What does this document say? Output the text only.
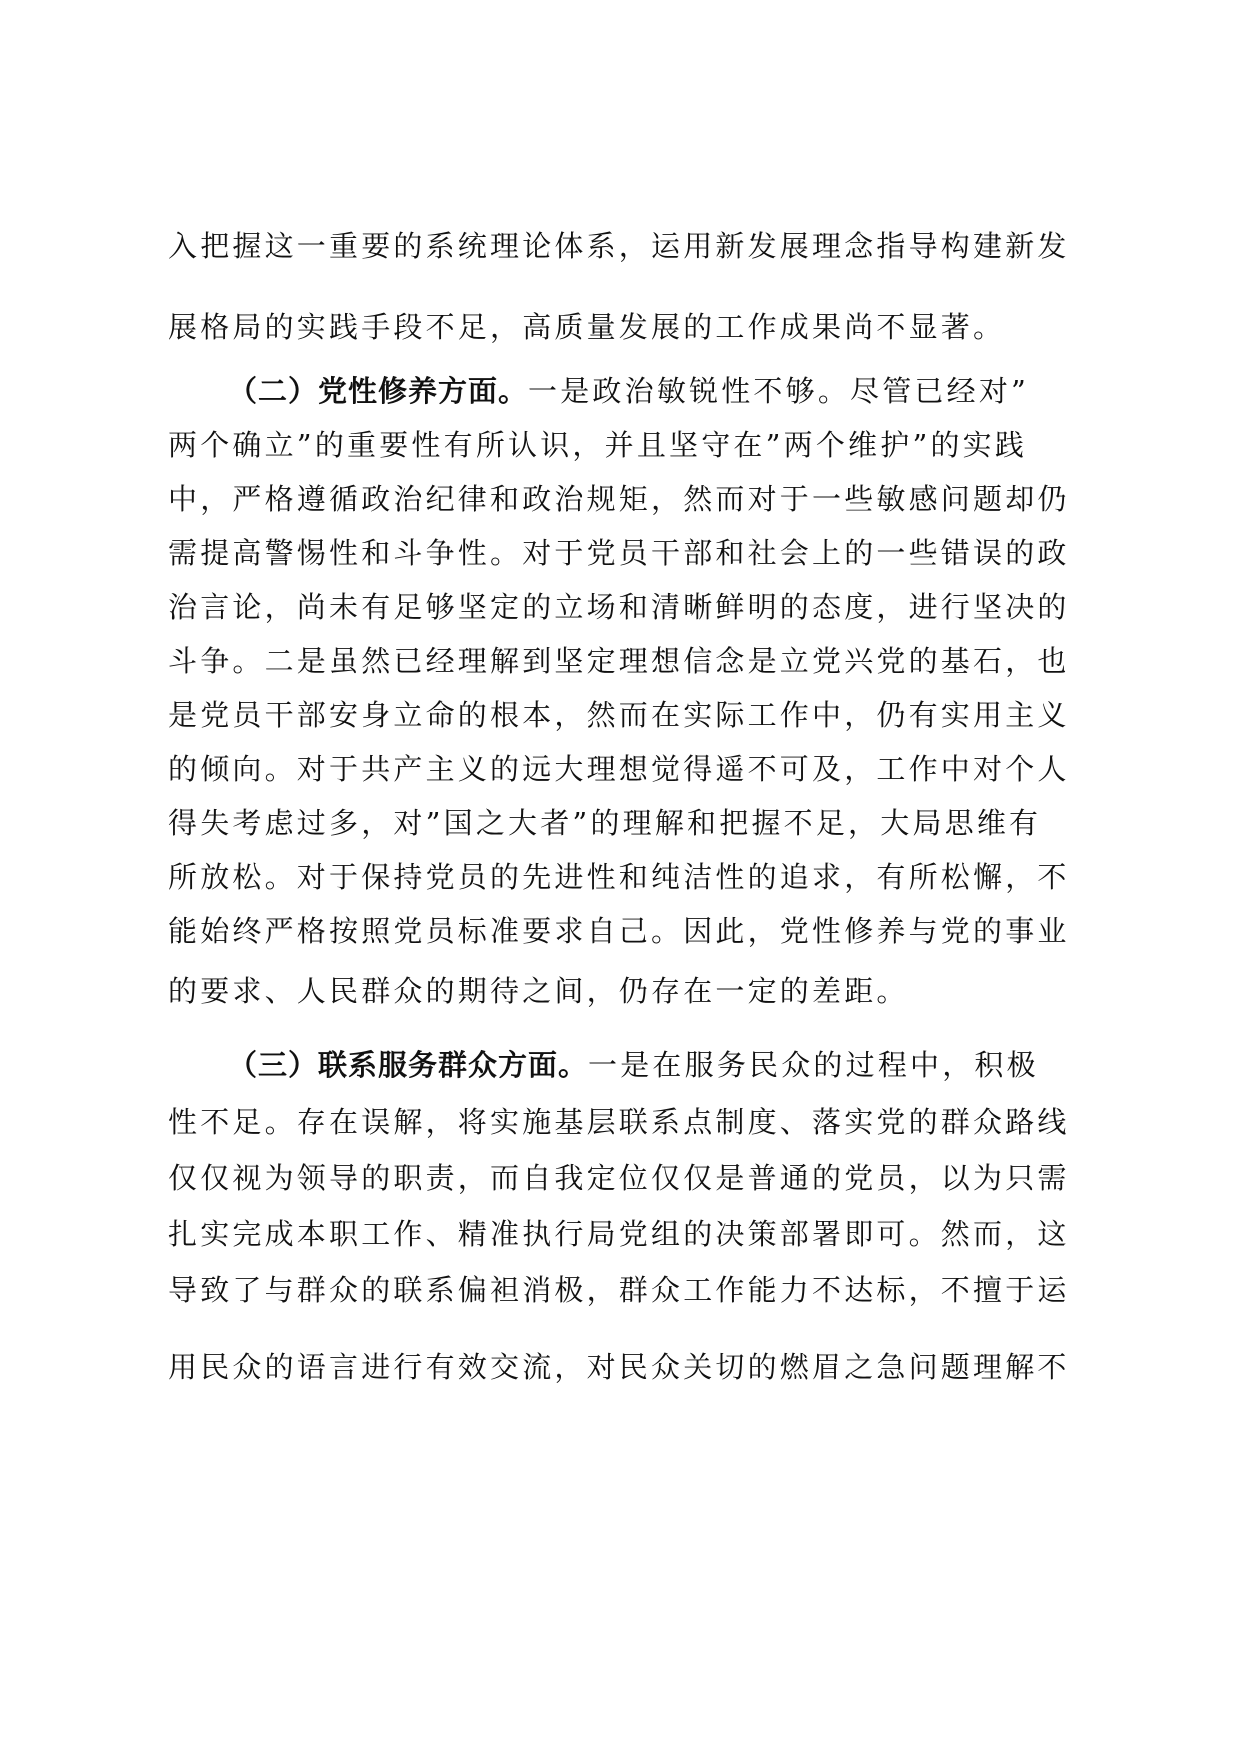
入把握这一重要的系统理论体系，运用新发展理念指导构建新发
展格局的实践手段不足，高质量发展的工作成果尚不显著。
（二）党性修养方面。一是政治敏锐性不够。尽管已经对”
两个确立”的重要性有所认识，并且坚守在”两个维护”的实践
中，严格遵循政治纪律和政治规矩，然而对于一些敏感问题却仍
需提高警惕性和斗争性。对于党员干部和社会上的一些错误的政
治言论，尚未有足够坚定的立场和清晰鲜明的态度，进行坚决的
斗争。二是虽然已经理解到坚定理想信念是立党兴党的基石，也
是党员干部安身立命的根本，然而在实际工作中，仍有实用主义
的倾向。对于共产主义的远大理想觉得遥不可及，工作中对个人
得失考虑过多，对”国之大者”的理解和把握不足，大局思维有
所放松。对于保持党员的先进性和纯洁性的追求，有所松懈，不
能始终严格按照党员标准要求自己。因此，党性修养与党的事业
的要求、人民群众的期待之间，仍存在一定的差距。
（三）联系服务群众方面。一是在服务民众的过程中，积极
性不足。存在误解，将实施基层联系点制度、落实党的群众路线
仅仅视为领导的职责，而自我定位仅仅是普通的党员，以为只需
扎实完成本职工作、精准执行局党组的决策部署即可。然而，这
导致了与群众的联系偏袒消极，群众工作能力不达标，不擅于运
用民众的语言进行有效交流，对民众关切的燃眉之急问题理解不
